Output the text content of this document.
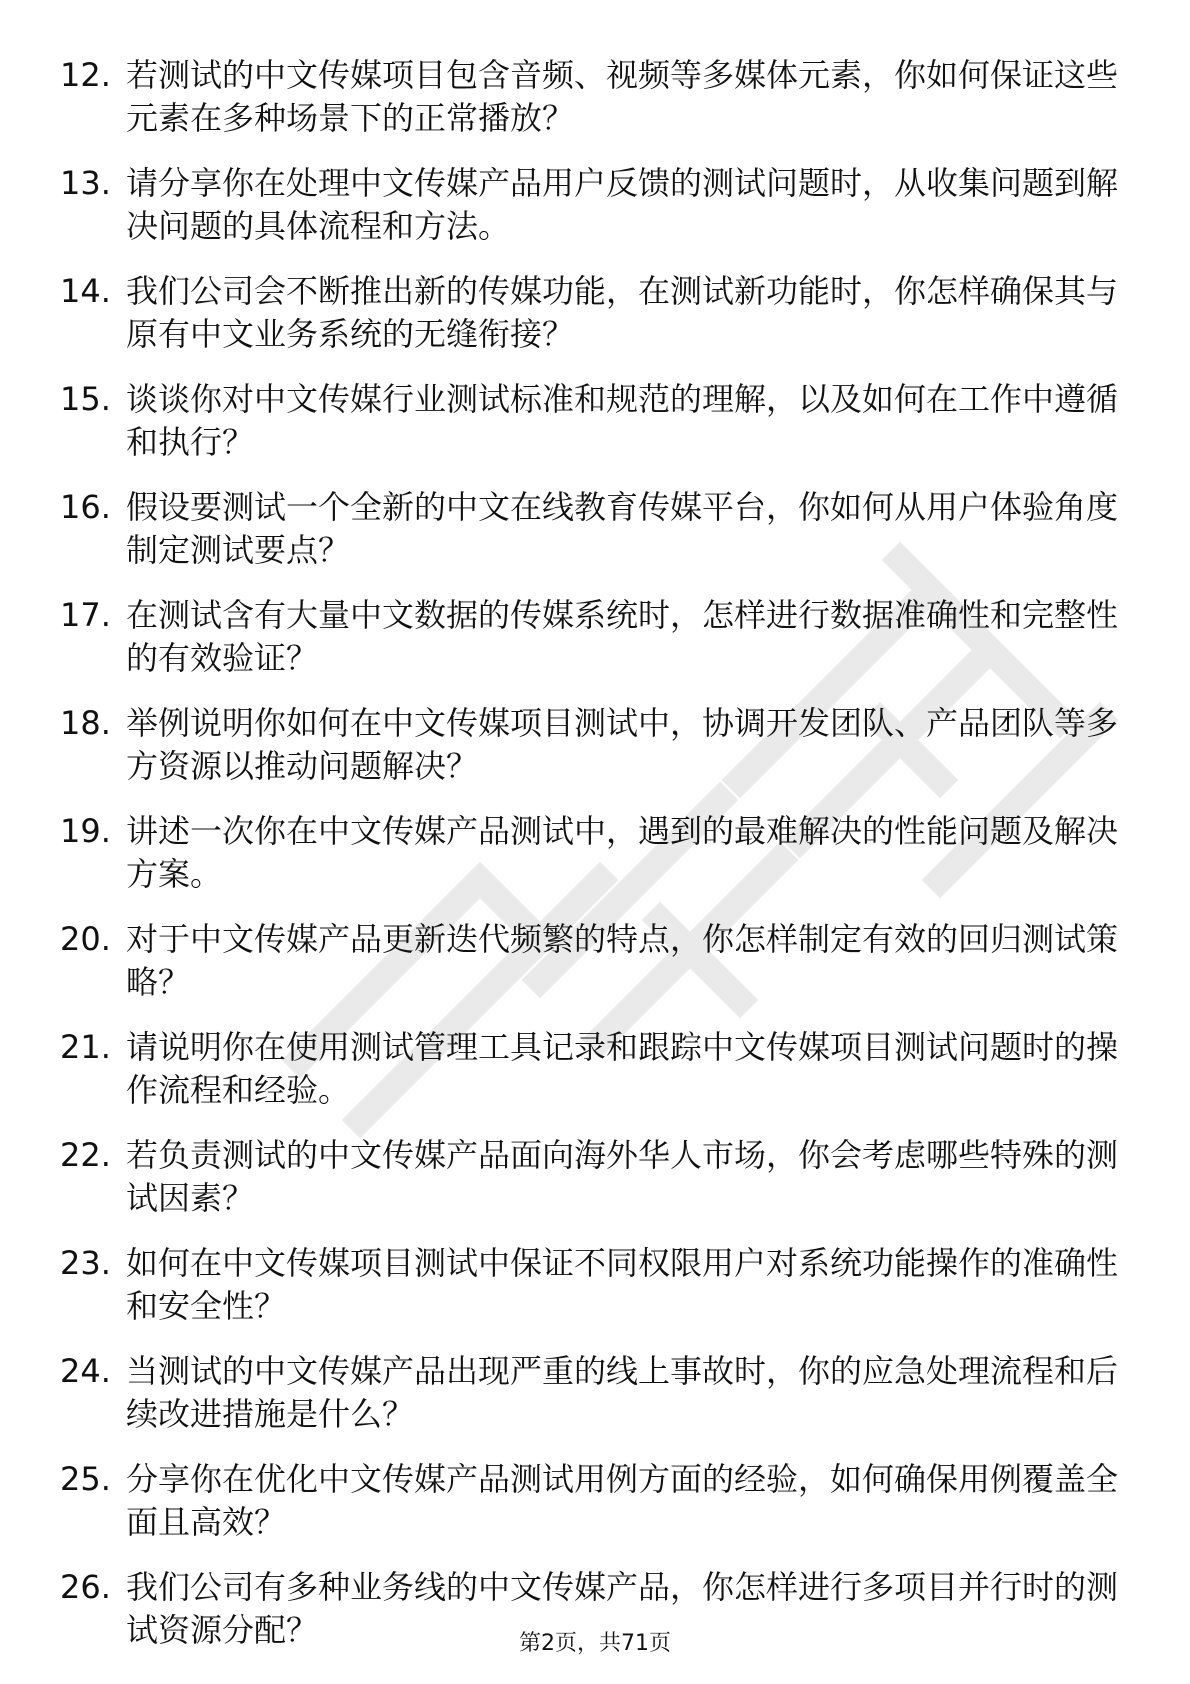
12. 若测试的中文传媒项目包含音频、视频等多媒体元素，你如何保证这些元素在多种场景下的正常播放？
13. 请分享你在处理中文传媒产品用户反馈的测试问题时，从收集问题到解决问题的具体流程和方法。
14. 我们公司会不断推出新的传媒功能，在测试新功能时，你怎样确保其与原有中文业务系统的无缝衔接？
15. 谈谈你对中文传媒行业测试标准和规范的理解，以及如何在工作中遵循和执行？
16. 假设要测试一个全新的中文在线教育传媒平台，你如何从用户体验角度制定测试要点？
17. 在测试含有大量中文数据的传媒系统时，怎样进行数据准确性和完整性的有效验证？
18. 举例说明你如何在中文传媒项目测试中，协调开发团队、产品团队等多方资源以推动问题解决？
19. 讲述一次你在中文传媒产品测试中，遇到的最难解决的性能问题及解决方案。
20. 对于中文传媒产品更新迭代频繁的特点，你怎样制定有效的回归测试策略？
21. 请说明你在使用测试管理工具记录和跟踪中文传媒项目测试问题时的操作流程和经验。
22. 若负责测试的中文传媒产品面向海外华人市场，你会考虑哪些特殊的测试因素？
23. 如何在中文传媒项目测试中保证不同权限用户对系统功能操作的准确性和安全性？
24. 当测试的中文传媒产品出现严重的线上事故时，你的应急处理流程和后续改进措施是什么？
25. 分享你在优化中文传媒产品测试用例方面的经验，如何确保用例覆盖全面且高效？
26. 我们公司有多种业务线的中文传媒产品，你怎样进行多项目并行时的测试资源分配？	第2页，共71页
